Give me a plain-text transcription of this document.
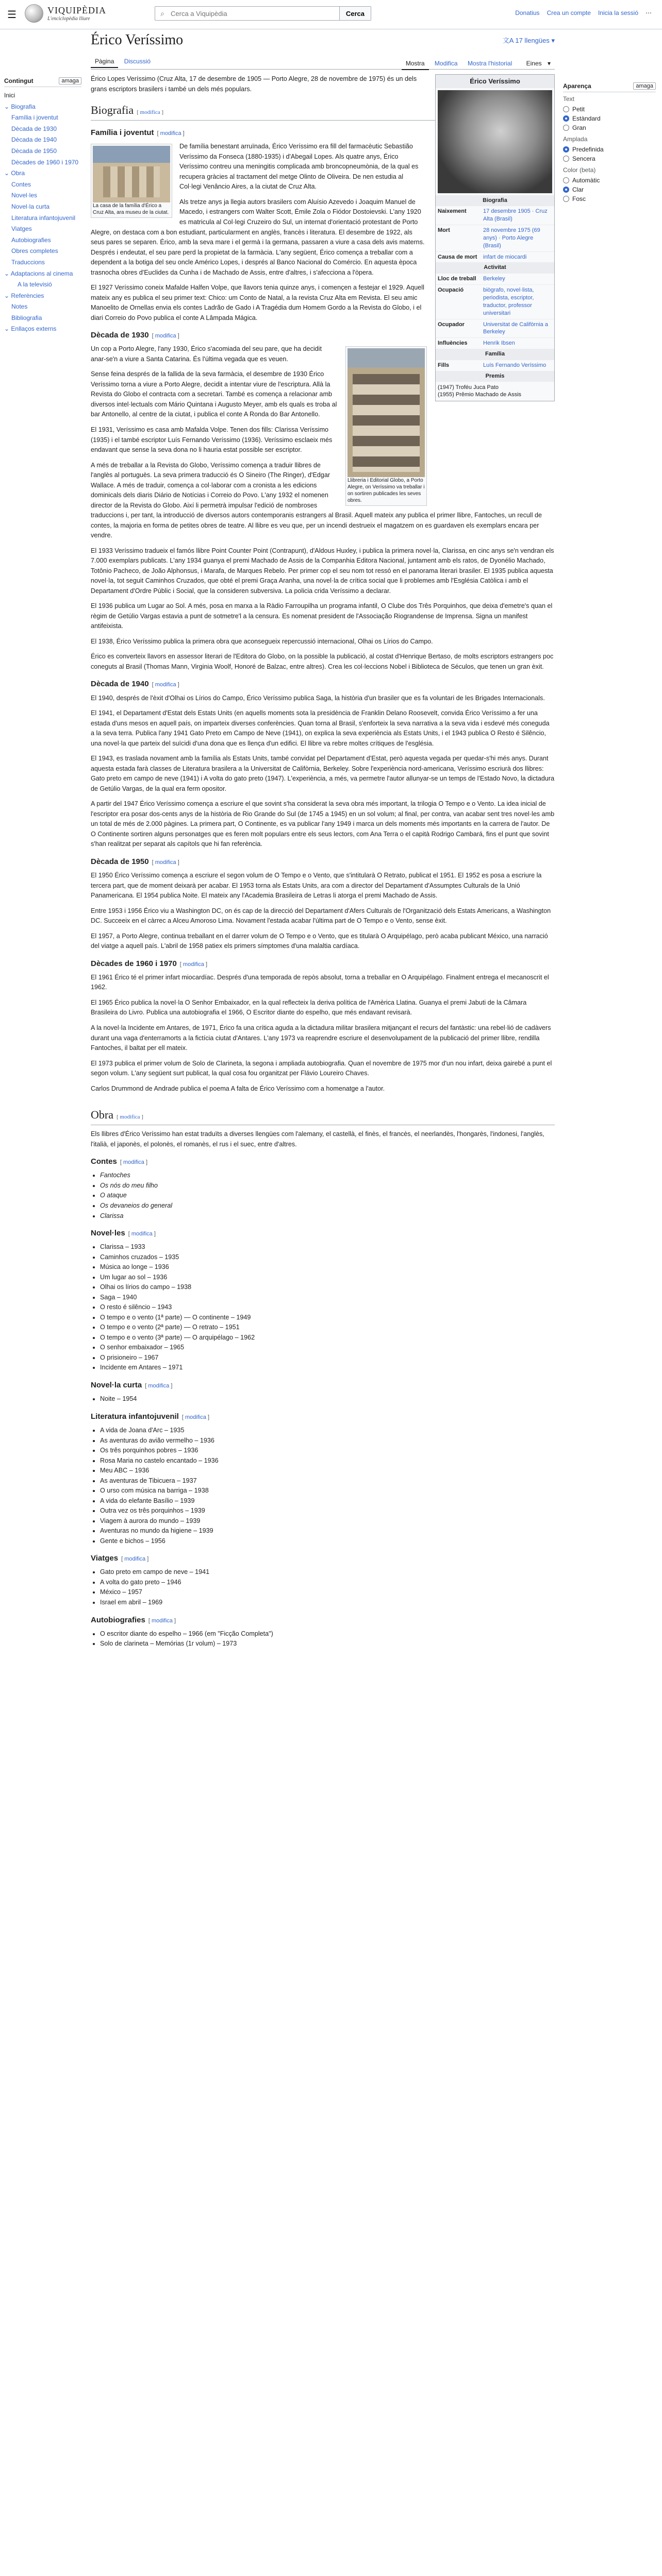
☰	VIQUIPÈDIA
L'enciclopèdia lliure
⌕
Cerca a Viquipèdia	Cerca	Donatius Crea un compte Inicia la sessió ⋯
Érico Veríssimo	文A 17 llengües ▾
Pàgina Discussió	Mostra Modifica Mostra l'historial Eines ▾
Contingut	amaga
Inici
⌄ Biografia
Família i joventut
Dècada de 1930
Dècada de 1940
Dècada de 1950
Dècades de 1960 i 1970
⌄ Obra
Contes
Novel·les
Novel·la curta
Literatura infantojuvenil
Viatges
Autobiografies
Obres completes
Traduccions
⌄ Adaptacions al cinema
A la televisió
⌄ Referències
Notes
Bibliografia
⌄ Enllaços externs
Aparença	amaga
Text
Petit
Estàndard
Gran
Amplada
Predefinida
Sencera
Color (beta)
Automàtic
Clar
Fosc
Érico Veríssimo
Biografia
Naixement	17 desembre 1905 · Cruz Alta (Brasil)
Mort	28 novembre 1975 (69 anys) · Porto Alegre (Brasil)
Causa de mort	infart de miocardi
Activitat
Lloc de treball	Berkeley
Ocupació	biògrafo, novel·lista, periodista, escriptor, traductor, professor universitari
Ocupador	Universitat de Califòrnia a Berkeley
Influències	Henrik Ibsen
Família
Fills	Luís Fernando Veríssimo
Premis
(1947) Troféu Juca Pato
(1955) Prêmio Machado de Assis

Érico Lopes Veríssimo (Cruz Alta, 17 de desembre de 1905 — Porto Alegre, 28 de novembre de 1975) és un dels grans escriptors brasilers i també un dels més populars.

Biografia [ modifica ]
Família i joventut [ modifica ]
La casa de la família d'Érico a Cruz Alta, ara museu de la ciutat.

De família benestant arruïnada, Érico Veríssimo era fill del farmacèutic Sebastião Veríssimo da Fonseca (1880-1935) i d'Abegail Lopes. Als quatre anys, Érico Veríssimo contreu una meningitis complicada amb broncopneumònia, de la qual es recupera gràcies al tractament del metge Olinto de Oliveira. De nen estudia al Col·legi Venâncio Aires, a la ciutat de Cruz Alta.

Als tretze anys ja llegia autors brasilers com Aluísio Azevedo i Joaquim Manuel de Macedo, i estrangers com Walter Scott, Émile Zola o Fiódor Dostoievski. L'any 1920 es matricula al Col·legi Cruzeiro do Sul, un internat d'orientació protestant de Porto Alegre, on destaca com a bon estudiant, particularment en anglès, francès i literatura. El desembre de 1922, als seus pares se separen. Érico, amb la seva mare i el germà i la germana, passaren a viure a casa dels avis materns. Després i endeutat, el seu pare perd la propietat de la farmàcia. L'any següent, Érico comença a treballar com a dependent a la botiga del seu oncle Américo Lopes, i després al Banco Nacional do Comércio. En aquesta època trasnocha obres d'Euclides da Cunha i de Machado de Assis, entre d'altres, i s'afecciona a l'òpera.

El 1927 Veríssimo coneix Mafalde Halfen Volpe, que llavors tenia quinze anys, i començen a festejar el 1929. Aquell mateix any es publica el seu primer text: Chico: um Conto de Natal, a la revista Cruz Alta em Revista. El seu amic Manoelito de Ornellas envia els contes Ladrão de Gado i A Tragédia dum Homem Gordo a la Revista do Globo, i el diari Correio do Povo publica el conte A Lâmpada Mágica.

Dècada de 1930 [ modifica ]
Llibreria i Editorial Globo, a Porto Alegre, on Veríssimo va treballar i on sortiren publicades les seves obres.

Un cop a Porto Alegre, l'any 1930, Érico s'acomiada del seu pare, que ha decidit anar-se'n a viure a Santa Catarina. És l'última vegada que es veuen.

Sense feina després de la fallida de la seva farmàcia, el desembre de 1930 Érico Veríssimo torna a viure a Porto Alegre, decidit a intentar viure de l'escriptura. Allà la Revista do Globo el contracta com a secretari. També es comença a relacionar amb diversos intel·lectuals com Mário Quintana i Augusto Meyer, amb els quals es troba al bar Antonello, al centre de la ciutat, i publica el conte A Ronda do Bar Antonello.

El 1931, Veríssimo es casa amb Mafalda Volpe. Tenen dos fills: Clarissa Veríssimo (1935) i el també escriptor Luís Fernando Veríssimo (1936). Veríssimo esclaeix més endavant que sense la seva dona no li hauria estat possible ser escriptor.

A més de treballar a la Revista do Globo, Veríssimo comença a traduir llibres de l'anglès al portuguès. La seva primera traducció és O Sineiro (The Ringer), d'Edgar Wallace. A més de traduir, comença a col·laborar com a cronista a les edicions dominicals dels diaris Diário de Notícias i Correio do Povo. L'any 1932 el nomenen director de la Revista do Globo. Així li permetrà impulsar l'edició de nombroses traduccions i, per tant, la introducció de diversos autors contemporanis estrangers al Brasil. Aquell mateix any publica el primer llibre, Fantoches, un recull de contes, la majoria en forma de petites obres de teatre. Al llibre es veu que, per un incendi destrueix el magatzem on es guardaven els exemplars encara per vendre.

El 1933 Veríssimo tradueix el famós llibre Point Counter Point (Contrapunt), d'Aldous Huxley, i publica la primera novel·la, Clarissa, en cinc anys se'n vendran els 7.000 exemplars publicats. L'any 1934 guanya el premi Machado de Assis de la Companhia Editora Nacional, juntament amb els ratos, de Dyonélio Machado, Totônio Pacheco, de João Alphonsus, i Marafa, de Marques Rebelo. Per primer cop el seu nom tot ressó en el panorama literari brasiler. El 1935 publica aquesta novel·la, tot seguit Caminhos Cruzados, que obté el premi Graça Aranha, una novel·la de crítica social que li problemes amb l'Església Catòlica i amb el Departament d'Ordre Públic i Social, que la consideren subversiva. La policia crida Veríssimo a declarar.

El 1936 publica um Lugar ao Sol. A més, posa en marxa a la Ràdio Farroupilha un programa infantil, O Clube dos Três Porquinhos, que deixa d'emetre's quan el règim de Getúlio Vargas estavia a punt de sotmetre'l a la censura. Es nomenat president de l'Associação Riograndense de Imprensa. Signa un manifest antifeixista.

El 1938, Érico Veríssimo publica la primera obra que aconsegueix repercussió internacional, Olhai os Lírios do Campo.

Érico es converteix llavors en assessor literari de l'Editora do Globo, on la possible la publicació, al costat d'Henrique Bertaso, de molts escriptors estrangers poc coneguts al Brasil (Thomas Mann, Virginia Woolf, Honoré de Balzac, entre altres). Crea les col·leccions Nobel i Biblioteca de Séculos, que tenen un gran èxit.

Dècada de 1940 [ modifica ]

El 1940, després de l'èxit d'Olhai os Lírios do Campo, Érico Veríssimo publica Saga, la història d'un brasiler que es fa voluntari de les Brigades Internacionals.

El 1941, el Departament d'Estat dels Estats Units (en aquells moments sota la presidència de Franklin Delano Roosevelt, convida Érico Veríssimo a fer una estada d'uns mesos en aquell país, on imparteix diverses conferències. Quan torna al Brasil, s'enforteix la seva narrativa a la seva vida i esdevé més coneguda a la seva terra. Publica l'any 1941 Gato Preto em Campo de Neve (1941), on explica la seva experiència als Estats Units, i el 1943 publica O Resto é Silêncio, una novel·la que parteix del suïcidi d'una dona que es llença d'un edifici. El llibre va rebre moltes crítiques de l'església.

El 1943, es traslada novament amb la família als Estats Units, també convidat pel Departament d'Estat, però aquesta vegada per quedar-s'hi més anys. Durant aquesta estada farà classes de Literatura brasilera a la Universitat de Califòrnia, Berkeley. Sobre l'experiència nord-americana, Veríssimo escriurà dos llibres: Gato preto em campo de neve (1941) i A volta do gato preto (1947). L'experiència, a més, va permetre l'autor allunyar-se un temps de l'Estado Novo, la dictadura de Getúlio Vargas, de la qual era ferm opositor.

A partir del 1947 Érico Veríssimo comença a escriure el que sovint s'ha considerat la seva obra més important, la trilogia O Tempo e o Vento. La idea inicial de l'escriptor era posar dos-cents anys de la història de Rio Grande do Sul (de 1745 a 1945) en un sol volum; al final, per contra, van acabar sent tres novel·les amb un total de més de 2.000 pàgines. La primera part, O Continente, es va publicar l'any 1949 i marca un dels moments més importants en la carrera de l'autor. De O Continente sortiren alguns personatges que es feren molt populars entre els seus lectors, com Ana Terra o el capità Rodrigo Cambará, fins el punt que sovint s'han realitzat per separat als capítols que hi fan referència.

Dècada de 1950 [ modifica ]

El 1950 Érico Veríssimo comença a escriure el segon volum de O Tempo e o Vento, que s'intitularà O Retrato, publicat el 1951. El 1952 es posa a escriure la tercera part, que de moment deixarà per acabar. El 1953 torna als Estats Units, ara com a director del Departament d'Assumptes Culturals de la Unió Panamericana. El 1954 publica Noite. El mateix any l'Academia Brasileira de Letras li atorga el premi Machado de Assis.

Entre 1953 i 1956 Érico viu a Washington DC, on és cap de la direcció del Departament d'Afers Culturals de l'Organització dels Estats Americans, a Washington DC. Succeeix en el càrrec a Alceu Amoroso Lima. Novament l'estada acabar l'última part de O Tempo e o Vento, sense èxit.

El 1957, a Porto Alegre, continua treballant en el darrer volum de O Tempo e o Vento, que es titularà O Arquipélago, però acaba publicant México, una narració del viatge a aquell país. L'abril de 1958 patiex els primers símptomes d'una malaltia cardíaca.

Dècades de 1960 i 1970 [ modifica ]

El 1961 Érico té el primer infart miocardíac. Després d'una temporada de repòs absolut, torna a treballar en O Arquipélago. Finalment entrega el mecanoscrit el 1962.

El 1965 Érico publica la novel·la O Senhor Embaixador, en la qual reflecteix la deriva política de l'Amèrica Llatina. Guanya el premi Jabuti de la Câmara Brasileira do Livro. Publica una autobiografia el 1966, O Escritor diante do espelho, que més endavant revisarà.

A la novel·la Incidente em Antares, de 1971, Érico fa una crítica aguda a la dictadura militar brasilera mitjançant el recurs del fantàstic: una rebel·lió de cadàvers durant una vaga d'enterramorts a la fictícia ciutat d'Antares. L'any 1973 va reaprendre escriure el desenvolupament de la publicació del primer llibre, rendilla Fantoches, il baltat per ell mateix.

El 1973 publica el primer volum de Solo de Clarineta, la segona i ampliada autobiografia. Quan el novembre de 1975 mor d'un nou infart, deixa gairebé a punt el segon volum. L'any següent surt publicat, la qual cosa fou organitzat per Flávio Loureiro Chaves.

Carlos Drummond de Andrade publica el poema A falta de Érico Veríssimo com a homenatge a l'autor.

Obra [ modifica ]

Els llibres d'Érico Veríssimo han estat traduïts a diverses llengües com l'alemany, el castellà, el finès, el francès, el neerlandès, l'hongarès, l'indonesi, l'anglès, l'italià, el japonès, el polonès, el romanès, el rus i el suec, entre d'altres.

Contes [ modifica ]
• Fantoches
• Os nós do meu filho
• O ataque
• Os devaneios do general
• Clarissa
Novel·les [ modifica ]
• Clarissa – 1933
• Caminhos cruzados – 1935
• Música ao longe – 1936
• Um lugar ao sol – 1936
• Olhai os lírios do campo – 1938
• Saga – 1940
• O resto é silêncio – 1943
• O tempo e o vento (1ª parte) — O continente – 1949
• O tempo e o vento (2ª parte) — O retrato – 1951
• O tempo e o vento (3ª parte) — O arquipélago – 1962
• O senhor embaixador – 1965
• O prisioneiro – 1967
• Incidente em Antares – 1971
Novel·la curta [ modifica ]
• Noite – 1954
Literatura infantojuvenil [ modifica ]
• A vida de Joana d'Arc – 1935
• As aventuras do avião vermelho – 1936
• Os três porquinhos pobres – 1936
• Rosa Maria no castelo encantado – 1936
• Meu ABC – 1936
• As aventuras de Tibicuera – 1937
• O urso com música na barriga – 1938
• A vida do elefante Basílio – 1939
• Outra vez os três porquinhos – 1939
• Viagem à aurora do mundo – 1939
• Aventuras no mundo da higiene – 1939
• Gente e bichos – 1956
Viatges [ modifica ]
• Gato preto em campo de neve – 1941
• A volta do gato preto – 1946
• México – 1957
• Israel em abril – 1969
Autobiografies [ modifica ]
• O escritor diante do espelho – 1966 (em "Ficção Completa")
• Solo de clarineta – Memórias (1r volum) – 1973
